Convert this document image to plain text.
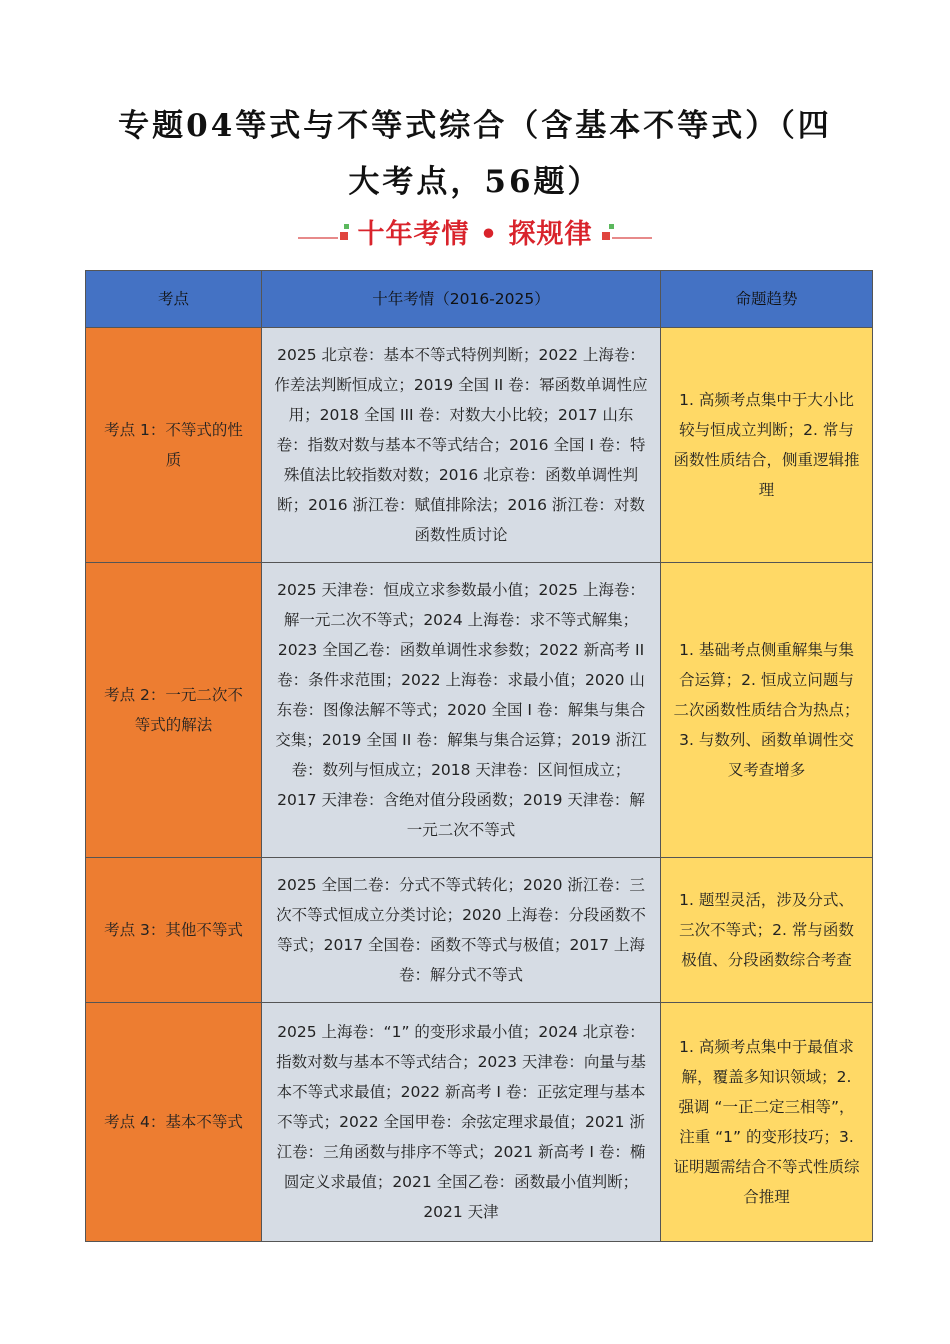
专题04等式与不等式综合（含基本不等式）（四
大考点，56题）
十年考情 • 探规律
考点	十年考情（2016-2025）	命题趋势
考点 1：不等式的性质	2025 北京卷：基本不等式特例判断；2022 上海卷：作差法判断恒成立；2019 全国 II 卷：幂函数单调性应用；2018 全国 III 卷：对数大小比较；2017 山东卷：指数对数与基本不等式结合；2016 全国 I 卷：特殊值法比较指数对数；2016 北京卷：函数单调性判断；2016 浙江卷：赋值排除法；2016 浙江卷：对数函数性质讨论	1. 高频考点集中于大小比较与恒成立判断；2. 常与函数性质结合，侧重逻辑推理
考点 2：一元二次不等式的解法	2025 天津卷：恒成立求参数最小值；2025 上海卷：解一元二次不等式；2024 上海卷：求不等式解集；2023 全国乙卷：函数单调性求参数；2022 新高考 II 卷：条件求范围；2022 上海卷：求最小值；2020 山东卷：图像法解不等式；2020 全国 I 卷：解集与集合交集；2019 全国 II 卷：解集与集合运算；2019 浙江卷：数列与恒成立；2018 天津卷：区间恒成立；2017 天津卷：含绝对值分段函数；2019 天津卷：解一元二次不等式	1. 基础考点侧重解集与集合运算；2. 恒成立问题与二次函数性质结合为热点；3. 与数列、函数单调性交叉考查增多
考点 3：其他不等式	2025 全国二卷：分式不等式转化；2020 浙江卷：三次不等式恒成立分类讨论；2020 上海卷：分段函数不等式；2017 全国卷：函数不等式与极值；2017 上海卷：解分式不等式	1. 题型灵活，涉及分式、三次不等式；2. 常与函数极值、分段函数综合考查
考点 4：基本不等式	2025 上海卷：“1” 的变形求最小值；2024 北京卷：指数对数与基本不等式结合；2023 天津卷：向量与基本不等式求最值；2022 新高考 I 卷：正弦定理与基本不等式；2022 全国甲卷：余弦定理求最值；2021 浙江卷：三角函数与排序不等式；2021 新高考 I 卷：椭圆定义求最值；2021 全国乙卷：函数最小值判断；2021 天津	1. 高频考点集中于最值求解，覆盖多知识领域；2. 强调 “一正二定三相等”，注重 “1” 的变形技巧；3. 证明题需结合不等式性质综合推理
